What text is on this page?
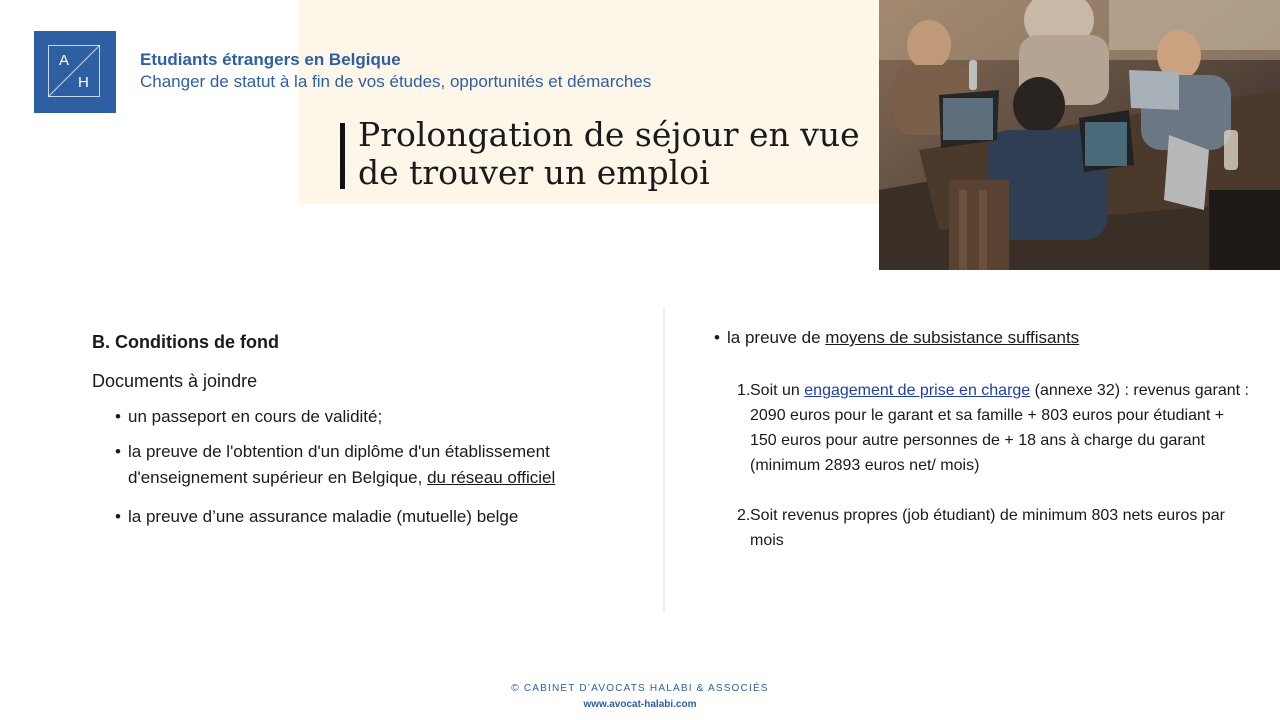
A
H
Etudiants étrangers en Belgique
Changer de statut à la fin de vos études, opportunités et démarches
Prolongation de séjour en vue
de trouver un emploi
B. Conditions de fond
Documents à joindre
• un passeport en cours de validité;
• la preuve de l'obtention d'un diplôme d'un établissement d'enseignement supérieur en Belgique, du réseau officiel
• la preuve d’une assurance maladie (mutuelle) belge
• la preuve de moyens de subsistance suffisants
1. Soit un engagement de prise en charge (annexe 32) : revenus garant : 2090 euros pour le garant et sa famille + 803 euros pour étudiant + 150 euros pour autre personnes de + 18 ans à charge du garant (minimum 2893 euros net/ mois)
2. Soit revenus propres (job étudiant) de minimum 803 nets euros par mois
© CABINET D’AVOCATS HALABI & ASSOCIÉS
www.avocat-halabi.com
